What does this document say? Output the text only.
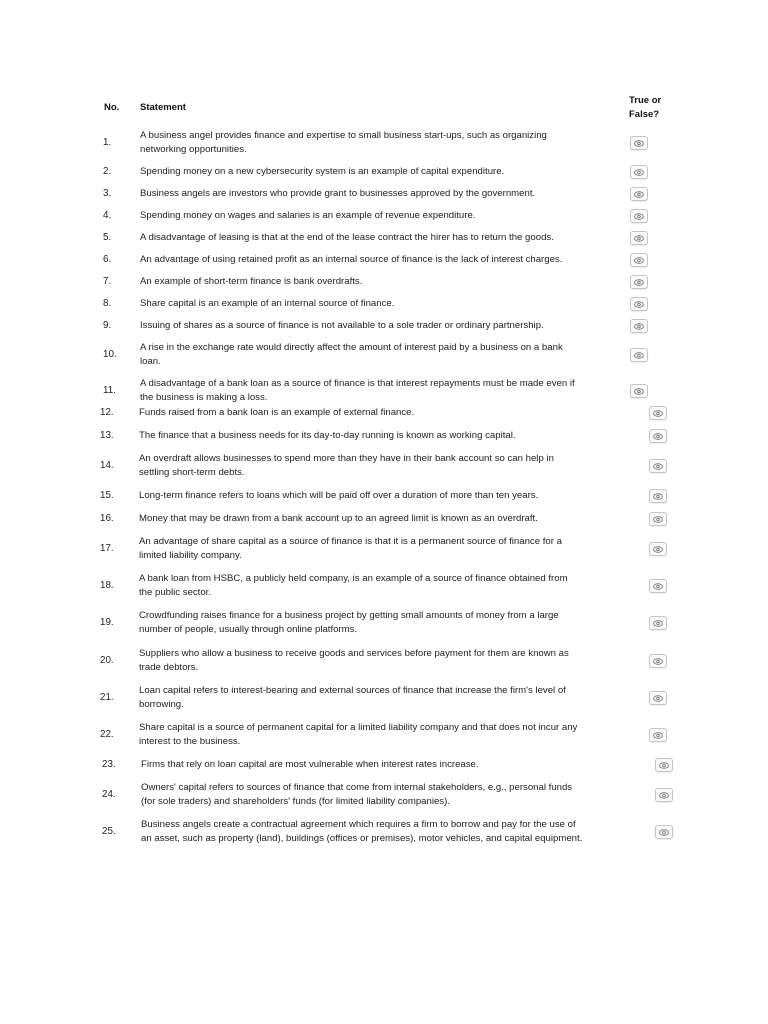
No. Statement
True or
False?
1.
A business angel provides finance and expertise to small business start-ups, such as organizing
networking opportunities.
2.	Spending money on a new cybersecurity system is an example of capital expenditure.
3.	Business angels are investors who provide grant to businesses approved by the government.
4.	Spending money on wages and salaries is an example of revenue expenditure.
5.	A disadvantage of leasing is that at the end of the lease contract the hirer has to return the goods.
6.	An advantage of using retained profit as an internal source of finance is the lack of interest charges.
7.	An example of short-term finance is bank overdrafts.
8.	Share capital is an example of an internal source of finance.
9.	Issuing of shares as a source of finance is not available to a sole trader or ordinary partnership.
10.
A rise in the exchange rate would directly affect the amount of interest paid by a business on a bank
loan.
11.
A disadvantage of a bank loan as a source of finance is that interest repayments must be made even if
the business is making a loss.
12.	Funds raised from a bank loan is an example of external finance.
13.	The finance that a business needs for its day-to-day running is known as working capital.
14.
An overdraft allows businesses to spend more than they have in their bank account so can help in
settling short-term debts.
15.	Long-term finance refers to loans which will be paid off over a duration of more than ten years.
16.	Money that may be drawn from a bank account up to an agreed limit is known as an overdraft.
17.
An advantage of share capital as a source of finance is that it is a permanent source of finance for a
limited liability company.
18.
A bank loan from HSBC, a publicly held company, is an example of a source of finance obtained from
the public sector.
19.
Crowdfunding raises finance for a business project by getting small amounts of money from a large
number of people, usually through online platforms.
20.
Suppliers who allow a business to receive goods and services before payment for them are known as
trade debtors.
21.
Loan capital refers to interest-bearing and external sources of finance that increase the firm's level of
borrowing.
22.
Share capital is a source of permanent capital for a limited liability company and that does not incur any
interest to the business.
23.	Firms that rely on loan capital are most vulnerable when interest rates increase.
24.
Owners' capital refers to sources of finance that come from internal stakeholders, e.g., personal funds
(for sole traders) and shareholders' funds (for limited liability companies).
25.
Business angels create a contractual agreement which requires a firm to borrow and pay for the use of
an asset, such as property (land), buildings (offices or premises), motor vehicles, and capital equipment.
